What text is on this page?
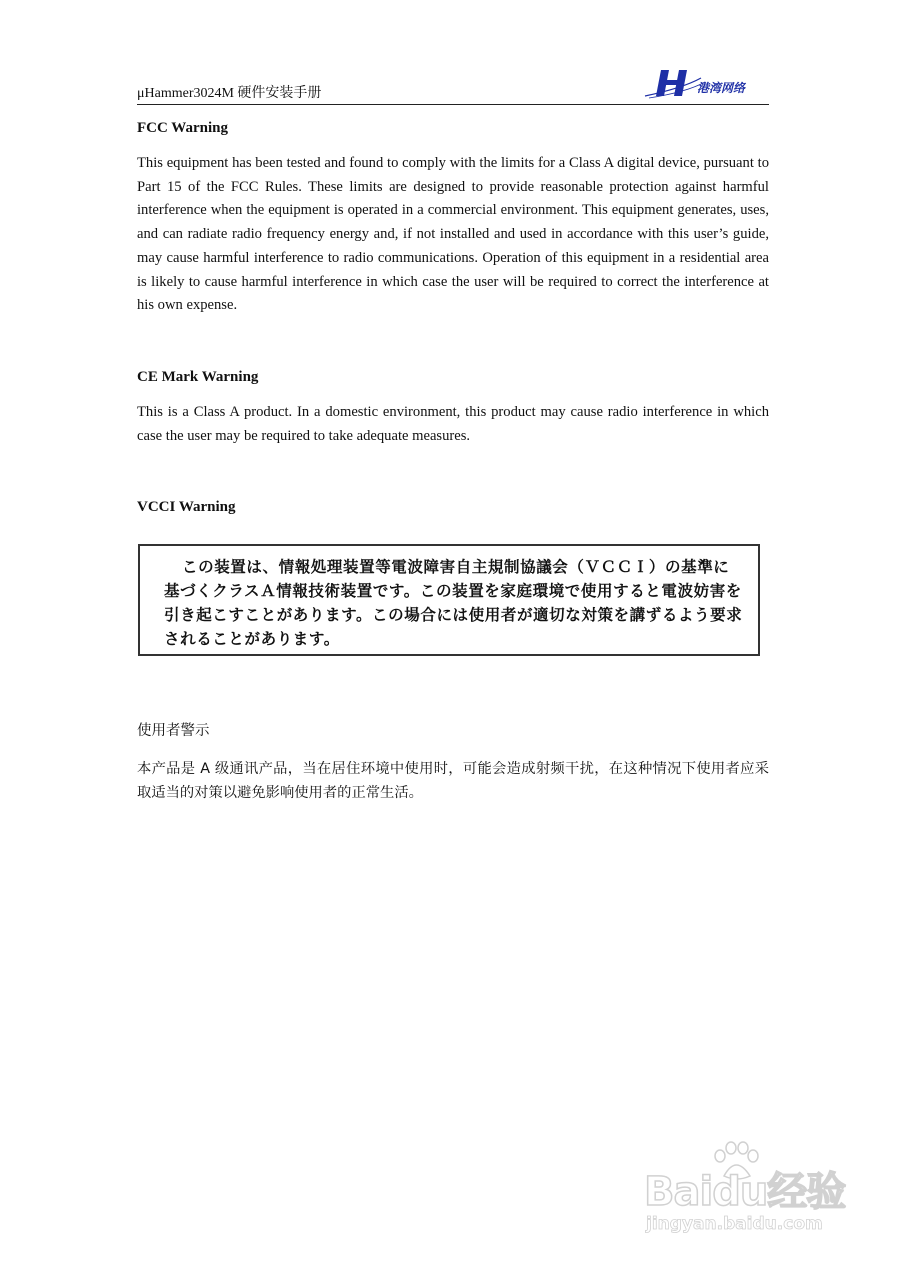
μHammer3024M 硬件安装手册	港湾网络
FCC Warning

This equipment has been tested and found to comply with the limits for a Class A digital device, pursuant to Part 15 of the FCC Rules. These limits are designed to provide reasonable protection against harmful interference when the equipment is operated in a commercial environment. This equipment generates, uses, and can radiate radio frequency energy and, if not installed and used in accordance with this user’s guide, may cause harmful interference to radio communications. Operation of this equipment in a residential area is likely to cause harmful interference in which case the user will be required to correct the interference at his own expense.

CE Mark Warning

This is a Class A product. In a domestic environment, this product may cause radio interference in which case the user may be required to take adequate measures.

VCCI Warning

この装置は、情報処理装置等電波障害自主規制協議会（ＶＣＣＩ）の基準に基づくクラスＡ情報技術装置です。この装置を家庭環境で使用すると電波妨害を引き起こすことがあります。この場合には使用者が適切な対策を講ずるよう要求されることがあります。

使用者警示

本产品是 A 级通讯产品，当在居住环境中使用时，可能会造成射频干扰，在这种情况下使用者应采取适当的对策以避免影响使用者的正常生活。

Baidu经验
jingyan.baidu.com
